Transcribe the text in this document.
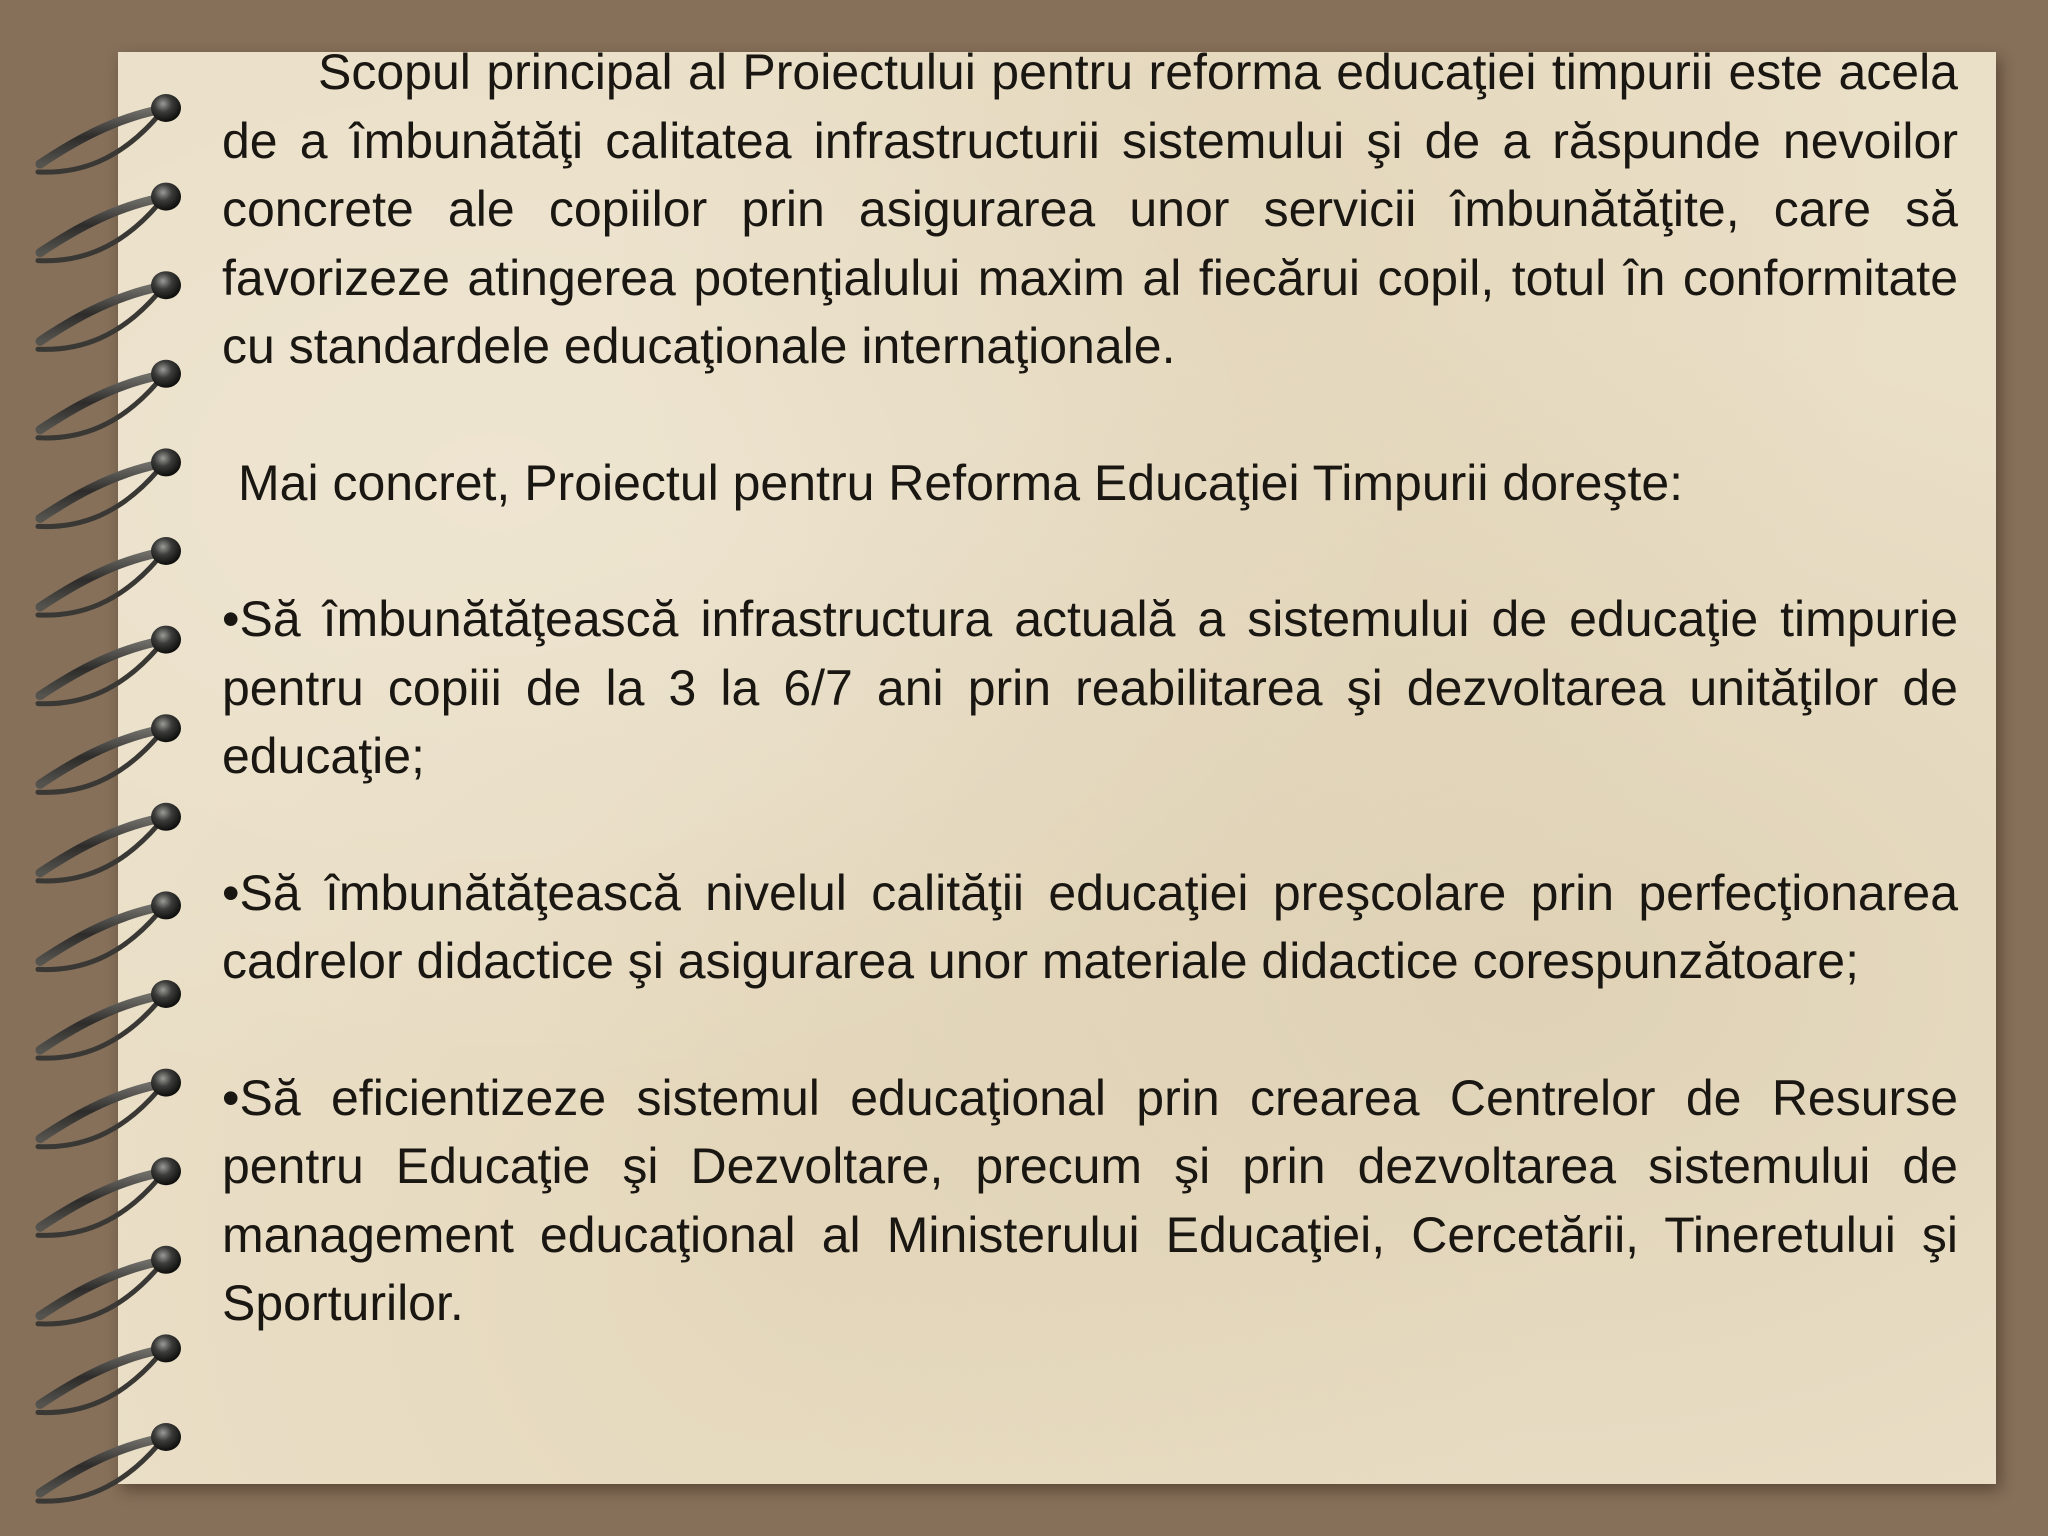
Scopul principal al Proiectului pentru reforma educaţiei timpurii este acela de a îmbunătăţi calitatea infrastructurii sistemului şi de a răspunde nevoilor concrete ale copiilor prin asigurarea unor servicii îmbunătăţite, care să favorizeze atingerea potenţialului maxim al fiecărui copil, totul în conformitate cu standardele educaţionale internaţionale.

Mai concret, Proiectul pentru Reforma Educaţiei Timpurii doreşte:

•Să îmbunătăţească infrastructura actuală a sistemului de educaţie timpurie pentru copiii de la 3 la 6/7 ani prin reabilitarea şi dezvoltarea unităţilor de educaţie;

•Să îmbunătăţească nivelul calităţii educaţiei preşcolare prin perfecţionarea cadrelor didactice şi asigurarea unor materiale didactice corespunzătoare;

•Să eficientizeze sistemul educaţional prin crearea Centrelor de Resurse pentru Educaţie şi Dezvoltare, precum şi prin dezvoltarea sistemului de management educaţional al Ministerului Educaţiei, Cercetării, Tineretului şi Sporturilor.
